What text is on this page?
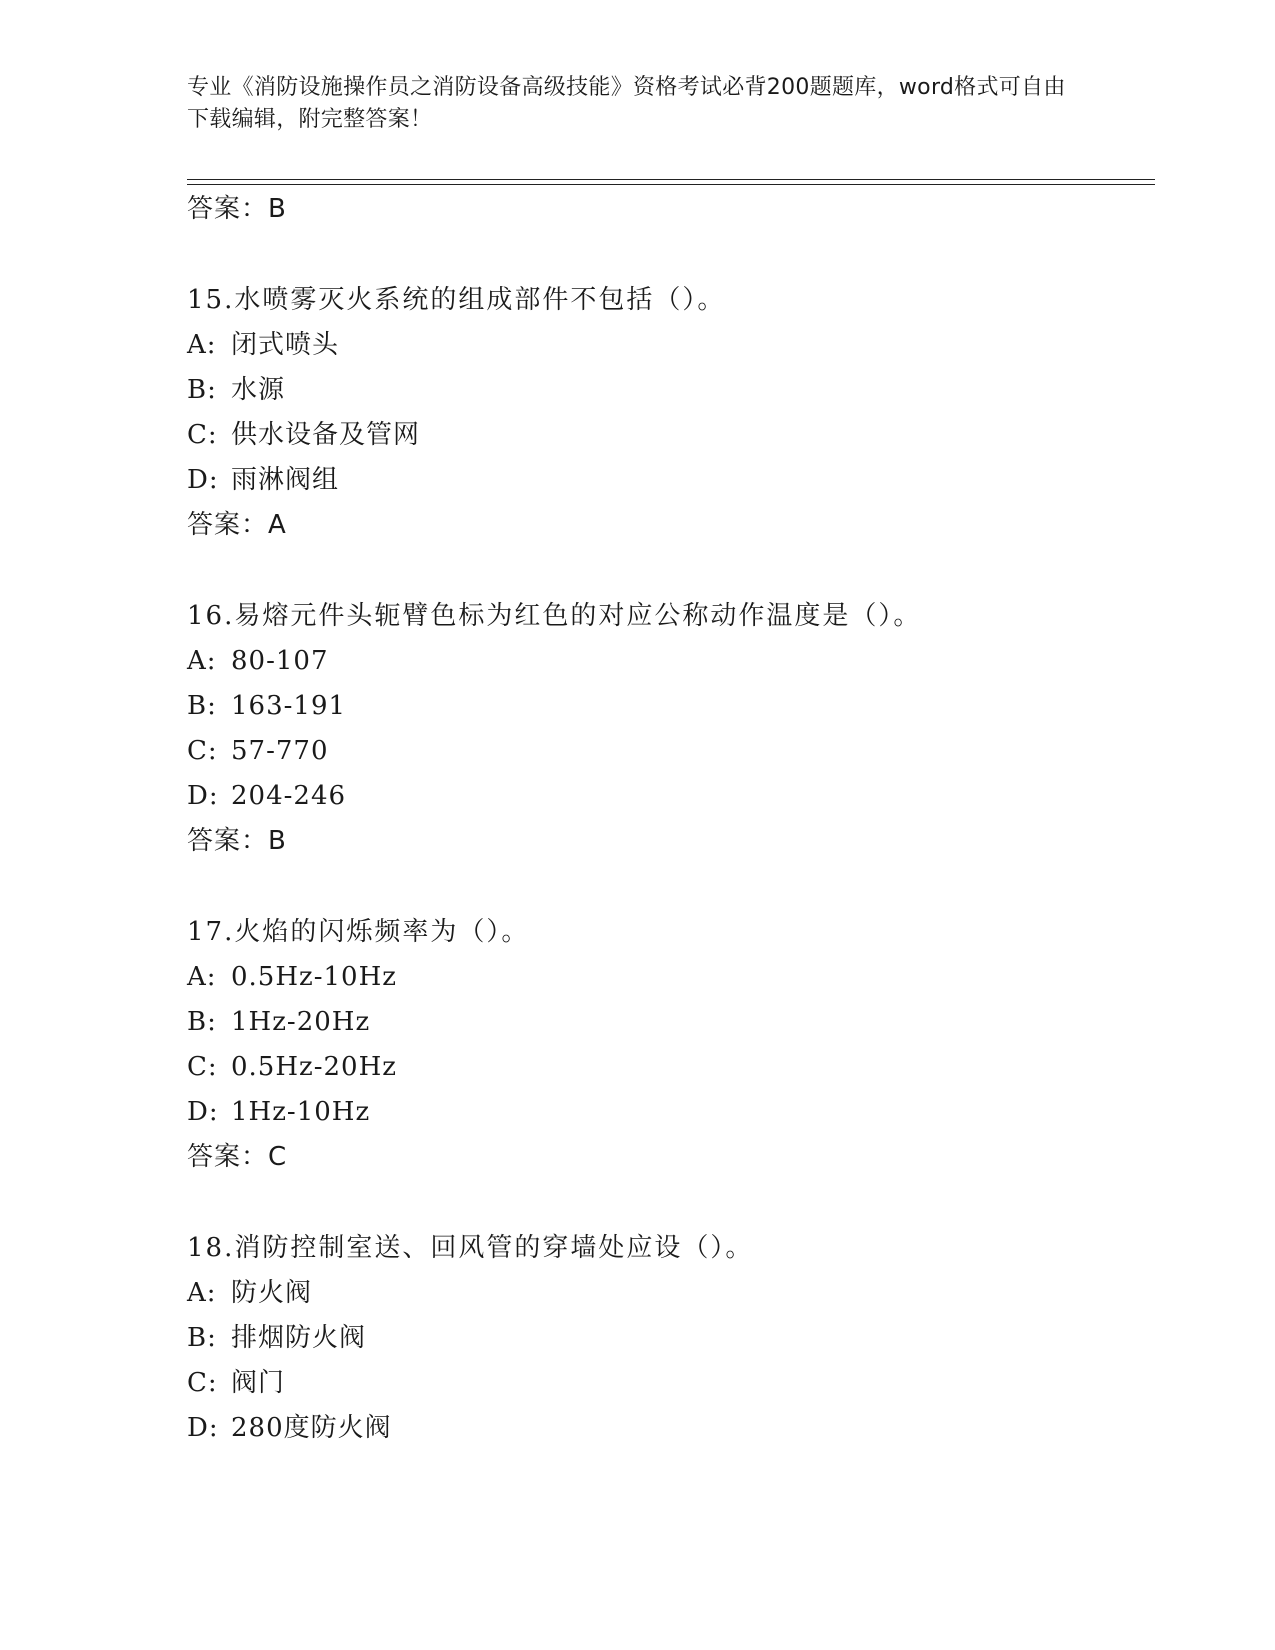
专业《消防设施操作员之消防设备高级技能》资格考试必背200题题库，word格式可自由下载编辑，附完整答案！
答案：B
15.水喷雾灭火系统的组成部件不包括（）。
A: 闭式喷头
B: 水源
C: 供水设备及管网
D: 雨淋阀组
答案：A
16.易熔元件头轭臂色标为红色的对应公称动作温度是（）。
A: 80-107
B: 163-191
C: 57-770
D: 204-246
答案：B
17.火焰的闪烁频率为（）。
A: 0.5Hz-10Hz
B: 1Hz-20Hz
C: 0.5Hz-20Hz
D: 1Hz-10Hz
答案：C
18.消防控制室送、回风管的穿墙处应设（）。
A: 防火阀
B: 排烟防火阀
C: 阀门
D: 280度防火阀
